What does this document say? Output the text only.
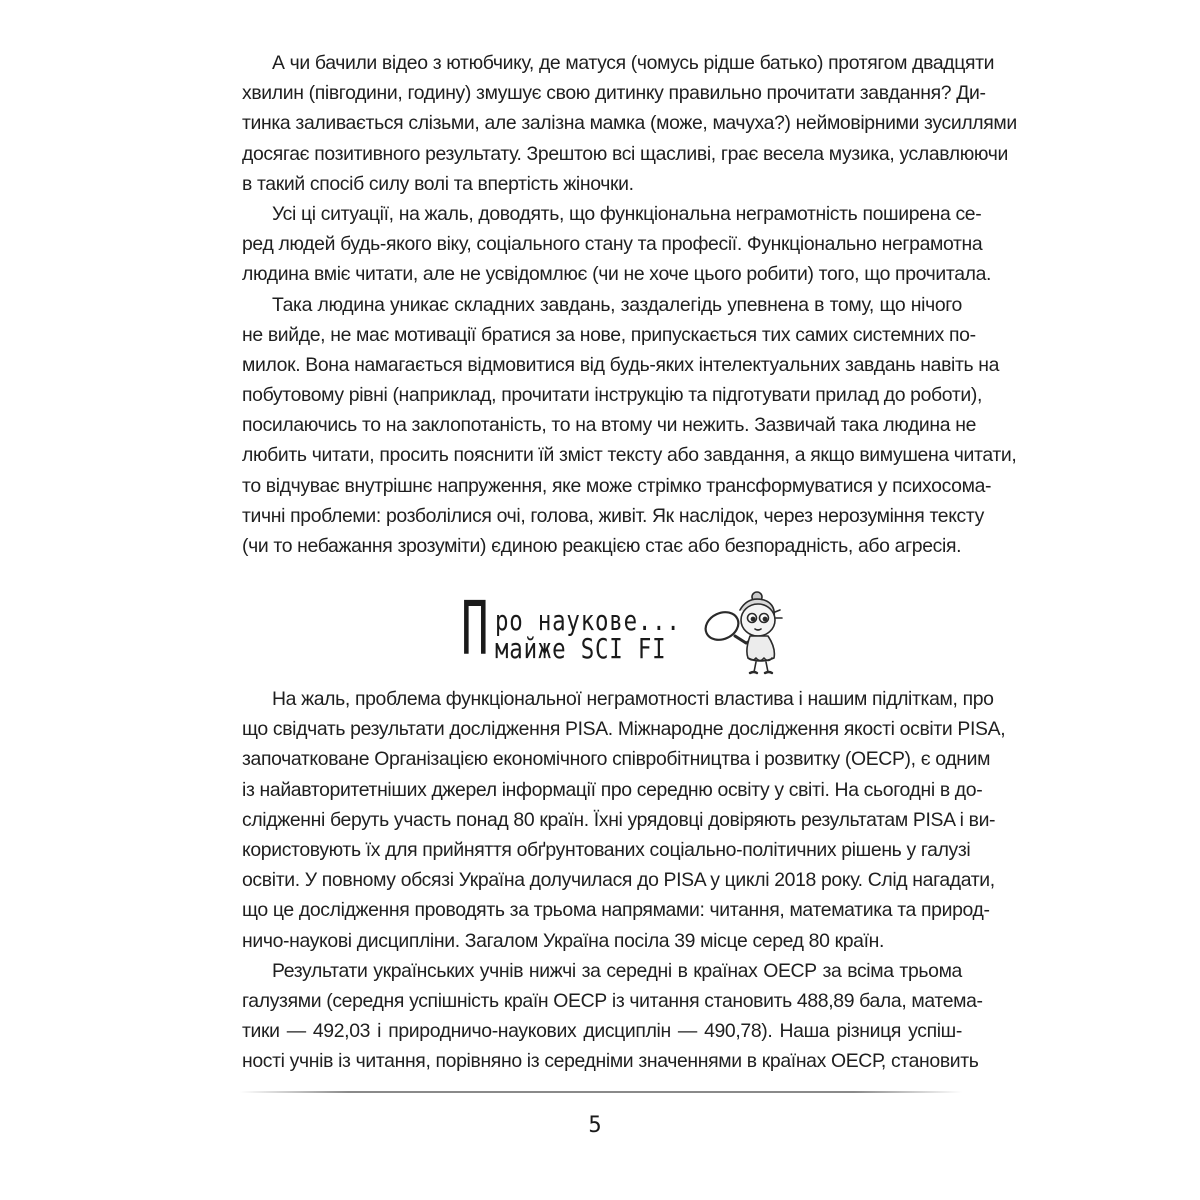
А чи бачили відео з ютюбчику, де матуся (чомусь рідше батько) протягом двадцяти
хвилин (півгодини, годину) змушує свою дитинку правильно прочитати завдання? Ди-
тинка заливається слізьми, але залізна мамка (може, мачуха?) неймовірними зусиллями
досягає позитивного результату. Зрештою всі щасливі, грає весела музика, уславлюючи
в такий спосіб силу волі та впертість жіночки.
Усі ці ситуації, на жаль, доводять, що функціональна неграмотність поширена се-
ред людей будь-якого віку, соціального стану та професії. Функціонально неграмотна
людина вміє читати, але не усвідомлює (чи не хоче цього робити) того, що прочитала.
Така людина уникає складних завдань, заздалегідь упевнена в тому, що нічого
не вийде, не має мотивації братися за нове, припускається тих самих системних по-
милок. Вона намагається відмовитися від будь-яких інтелектуальних завдань навіть на
побутовому рівні (наприклад, прочитати інструкцію та підготувати прилад до роботи),
посилаючись то на заклопотаність, то на втому чи нежить. Зазвичай така людина не
любить читати, просить пояснити їй зміст тексту або завдання, а якщо вимушена читати,
то відчуває внутрішнє напруження, яке може стрімко трансформуватися у психосома-
тичні проблеми: розболілися очі, голова, живіт. Як наслідок, через нерозуміння тексту
(чи то небажання зрозуміти) єдиною реакцією стає або безпорадність, або агресія.
П ро наукове...
майже SCI FI
На жаль, проблема функціональної неграмотності властива і нашим підліткам, про
що свідчать результати дослідження PISA. Міжнародне дослідження якості освіти PISA,
започатковане Організацією економічного співробітництва і розвитку (ОЕСР), є одним
із найавторитетніших джерел інформації про середню освіту у світі. На сьогодні в до-
слідженні беруть участь понад 80 країн. Їхні урядовці довіряють результатам PISA і ви-
користовують їх для прийняття обґрунтованих соціально-політичних рішень у галузі
освіти. У повному обсязі Україна долучилася до PISA у циклі 2018 року. Слід нагадати,
що це дослідження проводять за трьома напрямами: читання, математика та природ-
ничо-наукові дисципліни. Загалом Україна посіла 39 місце серед 80 країн.
Результати українських учнів нижчі за середні в країнах ОЕСР за всіма трьома
галузями (середня успішність країн ОЕСР із читання становить 488,89 бала, матема-
тики — 492,03 і природничо-наукових дисциплін — 490,78). Наша різниця успіш-
ності учнів із читання, порівняно із середніми значеннями в країнах ОЕСР, становить
5
